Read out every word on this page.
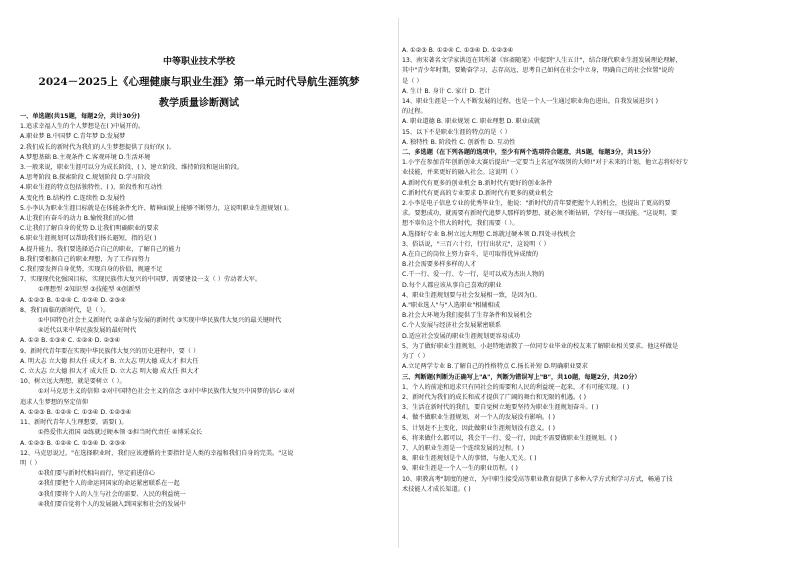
中等职业技术学校
2024－2025上《心理健康与职业生涯》第一单元时代导航生涯筑梦
教学质量诊断测试
一、单选题(共15题，每题2分，共计30分)
1.追求幸福人生的个人梦想是在( )中展开的。
A.职业梦 B.中国梦 C.青年梦 D.发展梦
2.我们成长的新时代为我们的人生梦想提供了良好的( )。
A.梦想基础 B.主观条件 C.客观环境 D.生活环境
3.一般来说，职业生涯可以分为成长阶段、( )、建立阶段、维持阶段和退出阶段。
A.思考阶段 B.探索阶段 C.规划阶段 D.学习阶段
4.职业生涯的特点包括独特性、( )、阶段性和互动性
A.变化性 B.结构性 C.连续性 D.发展性
5.小李认为职业生涯目标就是在体能条件允许、精神面貌上能够不断努力，这说明职业生涯规划( )。
A.让我们有奋斗的动力 B.愉悦我们的心情
C.让我们了解自身的优势 D.让我们明确职业的要求
6.职业生涯规划可以帮助我们扬长避短，指的是( )
A.提升能力，我们要选择适合自己的职业，了解自己的能力
B.我们要根据自己的职业理想，为了工作而努力
C.我们要发挥自身优势，实现自身的价值，规避不足
7、实现现代化强国目标，实现民族伟大复兴的中国梦，需要建设一支（ ）劳动者大军。
①理想型 ②知识型 ③技能型 ④创新型
A. ①②③ B. ①②④ C. ①③④ D. ②③④
8、我们面临的新时代，是（ ）。
①中国特色社会主义新时代 ②革命与发展的新时代 ③实现中华民族伟大复兴的最关键时代
④近代以来中华民族发展的最好时代
A. ①② B. ①③④ C. ①②④ D. ②③④
9、新时代青年要在实现中华民族伟大复兴的历史进程中，要（ ）
A. 明大志 立大德 担大任 成大才 B. 立大志 明大德 成大才 担大任
C. 立大志 立大德 担大才 成大任 D. 立大志 明大德 成大任 担大才
10、树立远大理想，就是要树立（ ）。
①对马克思主义的信仰 ②对中国特色社会主义的信念 ③对中华民族伟大复兴中国梦的信心 ④对
追求人生梦想的坚定信仰
A. ①②③ B. ①②④ C. ①③④ D. ①②③④
11、新时代青年人生理想要，需要( )。
①热爱伟大祖国 ②练就过硬本领 ③担当时代责任 ④博采众长
A. ①②③ B. ①②④ C. ①③④ D. ②③④
12、马克思说过，"在选择职业时，我们应该遵循的主要指针是人类的幸福和我们自身的完美。"这说
明（ ）
①我们要与新时代相向而行，坚定前进信心
②我们要把个人的命运同国家的命运紧密联系在一起
③我们要将个人的人生与社会的需要、人民的利益统一
④我们要自觉将个人的发展融入到国家和社会的发展中
A. ①②③ B. ①②④ C. ①③④ D. ①②③④
13、南宋著名文学家洪迈在其所著《容斋随笔》中提到"人生五计"，结合现代职业生涯发展理论理解，
其中"青少年时期，要勤奋学习、志存高远，思考自己如何在社会中立身，明确自己的社会位置"说的
是（ ）
A. 生计 B. 身计 C. 家计 D. 老计
14、职业生涯是一个人不断发展的过程，也是一个人一生通过职业角色进出，自我发展进步( )
的过程。
A. 职业道德 B. 职业规划 C. 职业理想 D. 职业成就
15、以下不是职业生涯的特点的是（ ）
A. 独特性 B. 阶段性 C. 创新性 D. 互动性
二、多选题（在下列各题的选项中，至少有两个选项符合题意，共5题，每题3分，共15分）
1.小宇在参加青年创新创业大赛后提出"一定要当上名冠军级别的大师!"对于未来的计划，他立志将好好专
业技能，并来更好的融入社会。这说明（ ）
A.新时代有更多的创业机会 B.新时代有更好的创业条件
C.新时代有更高的专业要求 D.新时代有更多的就业机会
2.小李是电子信息专业的优秀毕业生，他说："新时代的青年要把握个人的机会，也提出了更高的要
求。要想成功，就需要有新时代追梦人那样的梦想，就必须不断钻研，学好每一项技能。"这说明，要
想不辜负这个伟大的时代，我们需要（ ）。
A.选择好专业 B.树立远大理想 C.练就过硬本领 D.四处寻找机会
3、俗话说，"三百六十行，行行出状元"，这说明（ ）
A.在自己的岗位上努力奋斗，是可取得优异成绩的
B.社会需要多样多样的人才
C.干一行、爱一行、专一行，是可以成为杰出人物的
D.每个人都应该从事自己喜欢的职业
4、职业生涯规划要与社会发展相一致，是因为()。
A."职业选人"与"人选职业"相辅相成
B.社会大环境为我们提供了生存条件和发展机会
C.个人发展与经济社会发展紧密联系
D.适应社会发展的职业生涯规划更容易成功
5、为了做好职业生涯规划，小赵特地请教了一位同专业毕业的校友来了解职业相关要求。他这样做是
为了（ ）
A.立足两学专业 B.了解自己的性格特点 C.扬长补短 D.明确职业要求
三、判断题(判断为正确写上"A"，判断为错误写上"B"，共10题，每题2分，共20分）
1、个人的前途和追求只有同社会的需要和人民的利益统一起来，才有可能实现。( )
2、新时代为我们的成长和成才提供了广阔的舞台和无限的机遇。( )
3、生活在新时代的我们，要自觉树立地要坚持为职业生涯规划奋斗。( )
4、做不做职业生涯规划，对一个人的发展没有影响。( )
5、计划赶不上变化，因此做职业生涯规划没有意义。( )
6、将来做什么都可以，我会干一行、爱一行，因此不需要做职业生涯规划。( )
7、人的职业生涯是一个连续发展的过程。( )
8、职业生涯规划是个人的事情，与他人无关。( )
9、职业生涯是一个人一生的职业历程。( )
10、职教高考"制度的建立，为中职生接受高等职业教育提供了多种入学方式和学习方式，畅通了技
术技能人才成长渠道。( )
